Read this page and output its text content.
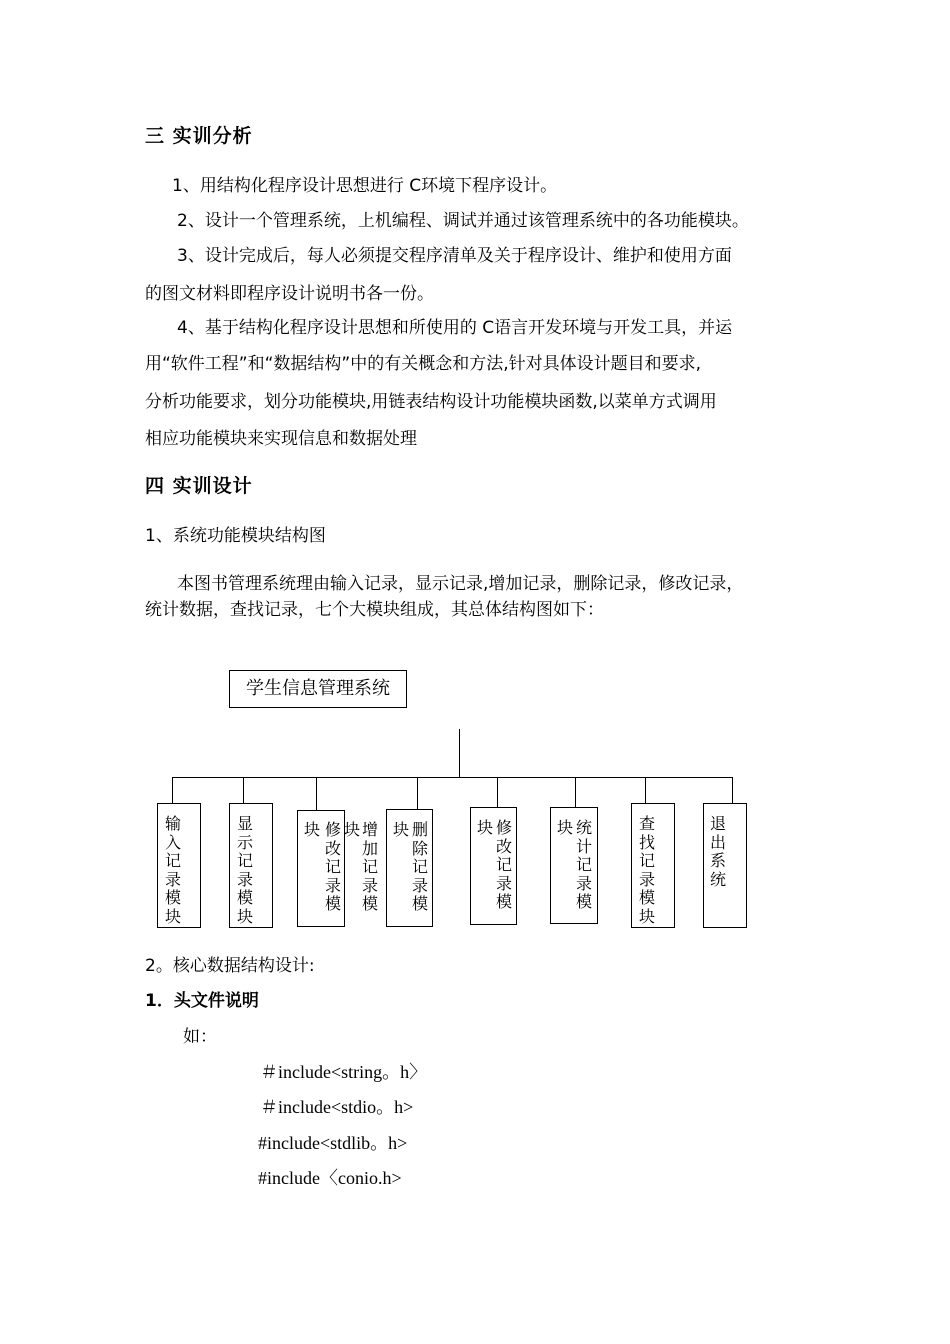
三 实训分析
1、用结构化程序设计思想进行 C环境下程序设计。
2、设计一个管理系统，上机编程、调试并通过该管理系统中的各功能模块。
3、设计完成后，每人必须提交程序清单及关于程序设计、维护和使用方面
的图文材料即程序设计说明书各一份。
4、基于结构化程序设计思想和所使用的 C语言开发环境与开发工具，并运
用“软件工程”和“数据结构”中的有关概念和方法,针对具体设计题目和要求,
分析功能要求，划分功能模块,用链表结构设计功能模块函数,以菜单方式调用
相应功能模块来实现信息和数据处理
四 实训设计
1、系统功能模块结构图
本图书管理系统理由输入记录，显示记录,增加记录，删除记录，修改记录，
统计数据，查找记录，七个大模块组成，其总体结构图如下：
学生信息管理系统
输入记录模块
显示记录模块
块 修改记录模
块 增加记录模
块 删除记录模
块 修改记录模
块 统计记录模
查找记录模块
退出系统
2。核心数据结构设计:
1．头文件说明
如：
＃include<string。h〉
＃include<stdio。h>
#include<stdlib。h>
#include〈conio.h>
